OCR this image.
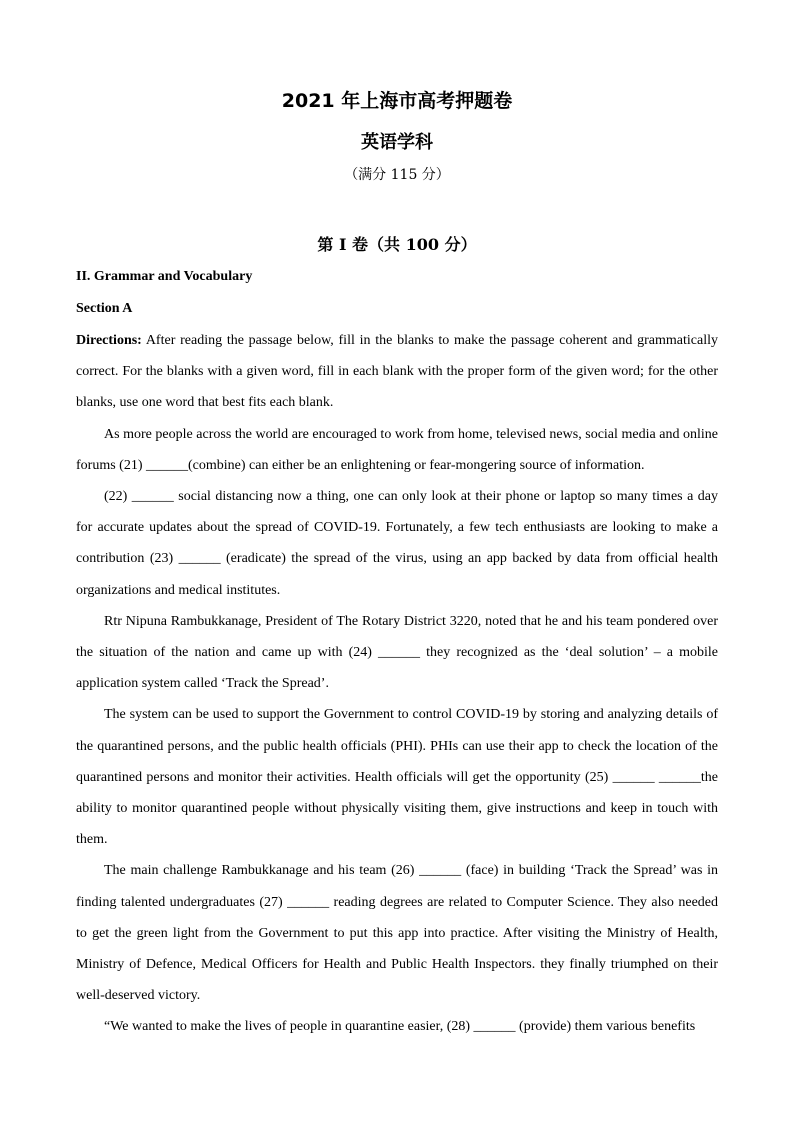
2021 年上海市高考押题卷
英语学科
（满分 115 分）
第 I 卷（共 100 分）
II. Grammar and Vocabulary
Section A

Directions: After reading the passage below, fill in the blanks to make the passage coherent and grammatically correct. For the blanks with a given word, fill in each blank with the proper form of the given word; for the other blanks, use one word that best fits each blank.

As more people across the world are encouraged to work from home, televised news, social media and online forums (21) ______(combine) can either be an enlightening or fear-mongering source of information.

(22) ______ social distancing now a thing, one can only look at their phone or laptop so many times a day for accurate updates about the spread of COVID-19. Fortunately, a few tech enthusiasts are looking to make a contribution (23) ______ (eradicate) the spread of the virus, using an app backed by data from official health organizations and medical institutes.

Rtr Nipuna Rambukkanage, President of The Rotary District 3220, noted that he and his team pondered over the situation of the nation and came up with (24) ______ they recognized as the ‘deal solution’ – a mobile application system called ‘Track the Spread’.

The system can be used to support the Government to control COVID-19 by storing and analyzing details of the quarantined persons, and the public health officials (PHI). PHIs can use their app to check the location of the quarantined persons and monitor their activities. Health officials will get the opportunity (25) ______ ______the ability to monitor quarantined people without physically visiting them, give instructions and keep in touch with them.

The main challenge Rambukkanage and his team (26) ______ (face) in building ‘Track the Spread’ was in finding talented undergraduates (27) ______ reading degrees are related to Computer Science. They also needed to get the green light from the Government to put this app into practice. After visiting the Ministry of Health, Ministry of Defence, Medical Officers for Health and Public Health Inspectors. they finally triumphed on their well-deserved victory.

“We wanted to make the lives of people in quarantine easier, (28) ______ (provide) them various benefits
